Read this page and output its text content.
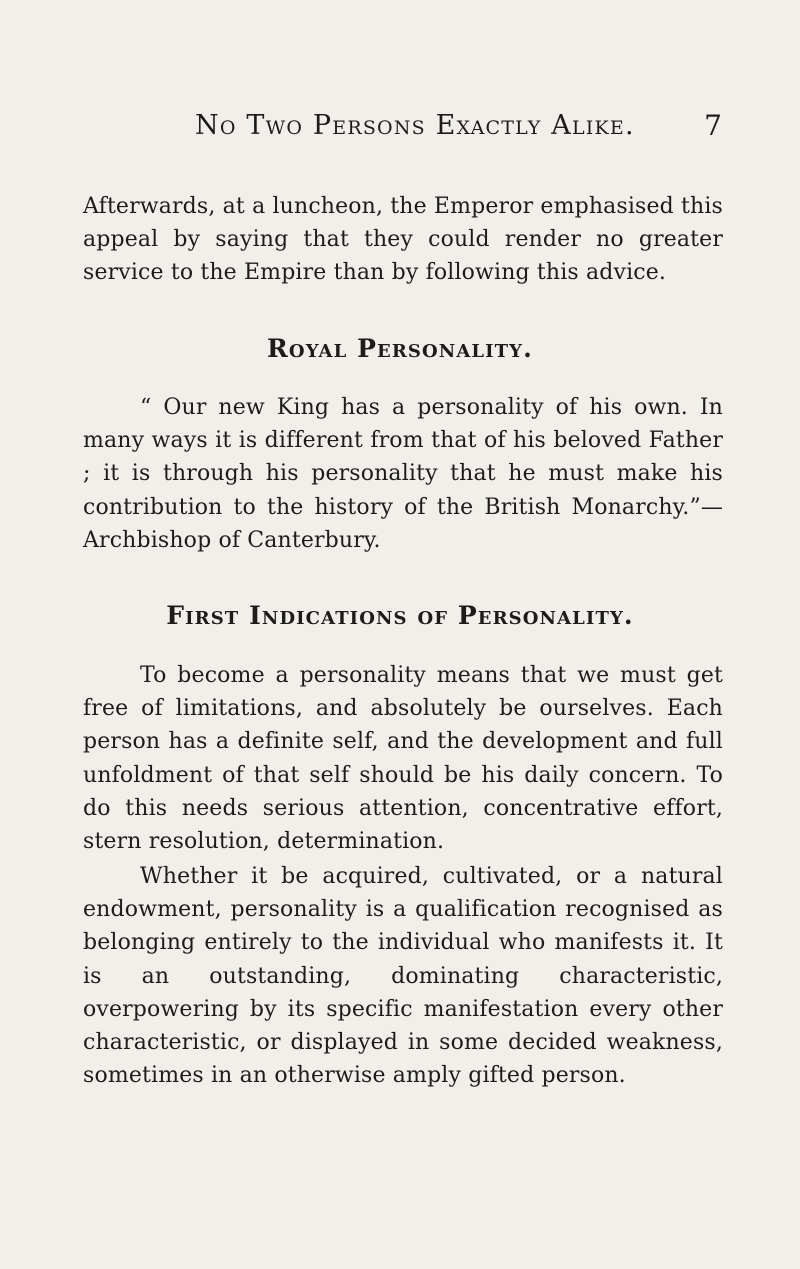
No Two Persons Exactly Alike.	7

Afterwards, at a luncheon, the Emperor emphasised this appeal by saying that they could render no greater service to the Empire than by following this advice.

Royal Personality.

“ Our new King has a personality of his own. In many ways it is different from that of his beloved Father ; it is through his personality that he must make his contribution to the history of the British Monarchy.”—Archbishop of Canterbury.

First Indications of Personality.

To become a personality means that we must get free of limitations, and absolutely be ourselves. Each person has a definite self, and the development and full unfoldment of that self should be his daily concern. To do this needs serious attention, concentrative effort, stern resolution, determination.

Whether it be acquired, cultivated, or a natural endowment, personality is a qualification recognised as belonging entirely to the individual who manifests it. It is an outstanding, dominating characteristic, overpowering by its specific manifestation every other characteristic, or displayed in some decided weakness, sometimes in an otherwise amply gifted person.
